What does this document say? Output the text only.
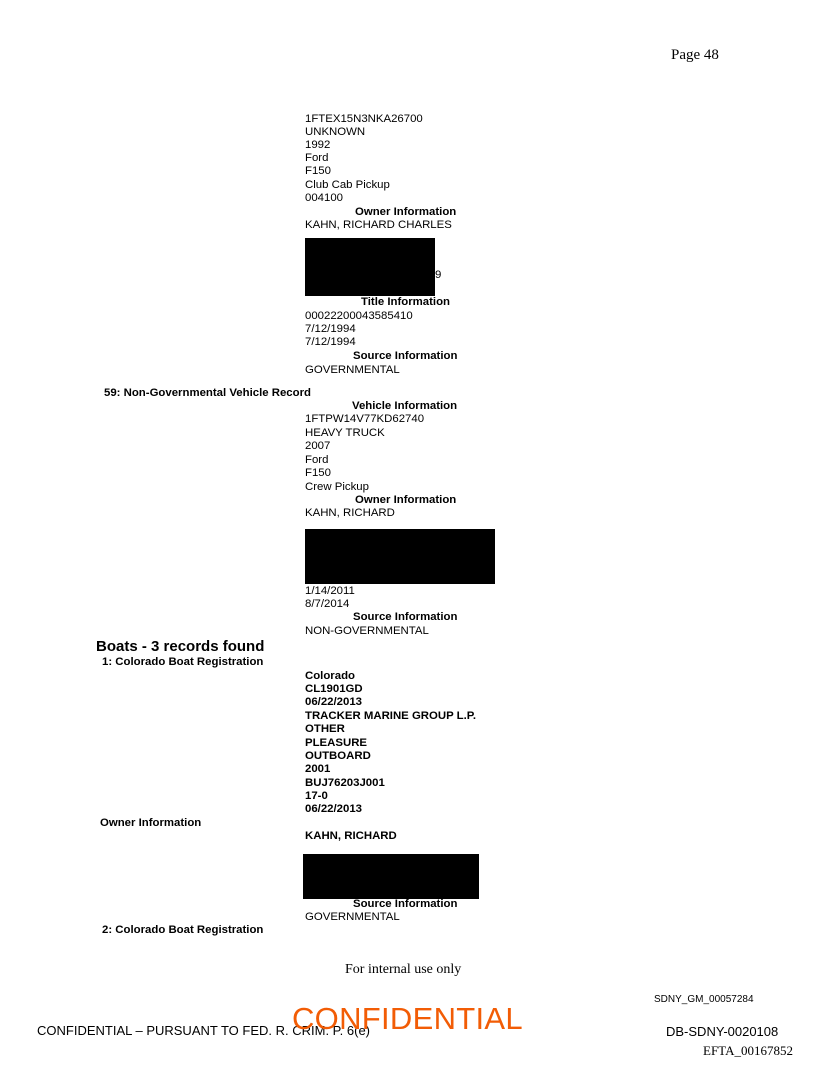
Page 48
1FTEX15N3NKA26700
UNKNOWN
1992
Ford
F150
Club Cab Pickup
004100
Owner Information
KAHN, RICHARD CHARLES
9
Title Information
00022200043585410
7/12/1994
7/12/1994
Source Information
GOVERNMENTAL
59: Non-Governmental Vehicle Record
Vehicle Information
1FTPW14V77KD62740
HEAVY TRUCK
2007
Ford
F150
Crew Pickup
Owner Information
KAHN, RICHARD
1/14/2011
8/7/2014
Source Information
NON-GOVERNMENTAL
Boats - 3 records found
1: Colorado Boat Registration
Colorado
CL1901GD
06/22/2013
TRACKER MARINE GROUP L.P.
OTHER
PLEASURE
OUTBOARD
2001
BUJ76203J001
17-0
06/22/2013
Owner Information
KAHN, RICHARD
Source Information
GOVERNMENTAL
2: Colorado Boat Registration
For internal use only
SDNY_GM_00057284
CONFIDENTIAL – PURSUANT TO FED. R. CRIM. P. 6(e)
CONFIDENTIAL	DB-SDNY-0020108
EFTA_00167852
